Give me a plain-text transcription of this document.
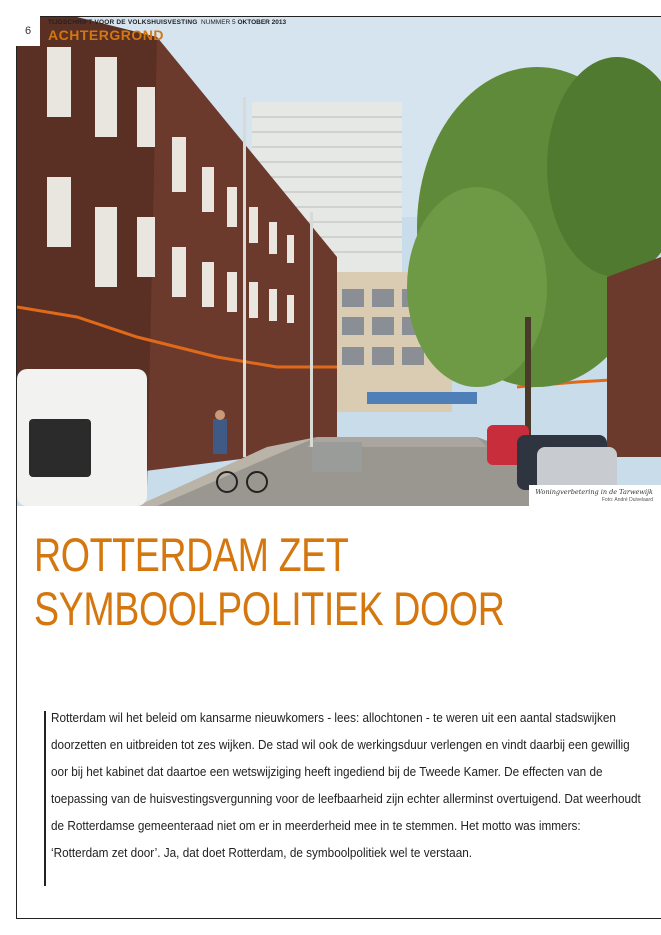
Woningverbetering in de Tarwewijk
Foto: André Duivelaard
6
TIJDSCHRIFT VOOR DE VOLKSHUISVESTING NUMMER 5 OKTOBER 2013
ACHTERGROND
ROTTERDAM ZET
SYMBOOLPOLITIEK DOOR

Rotterdam wil het beleid om kansarme nieuwkomers - lees: allochtonen - te weren uit een aantal stadswijken doorzetten en uitbreiden tot zes wijken. De stad wil ook de werkingsduur verlengen en vindt daarbij een gewillig oor bij het kabinet dat daartoe een wetswijziging heeft ingediend bij de Tweede Kamer. De effecten van de toepassing van de huisvestingsvergunning voor de leefbaarheid zijn echter allerminst overtuigend. Dat weerhoudt de Rotterdamse gemeenteraad niet om er in meerderheid mee in te stemmen. Het motto was immers: ‘Rotterdam zet door’. Ja, dat doet Rotterdam, de symboolpolitiek wel te verstaan.
